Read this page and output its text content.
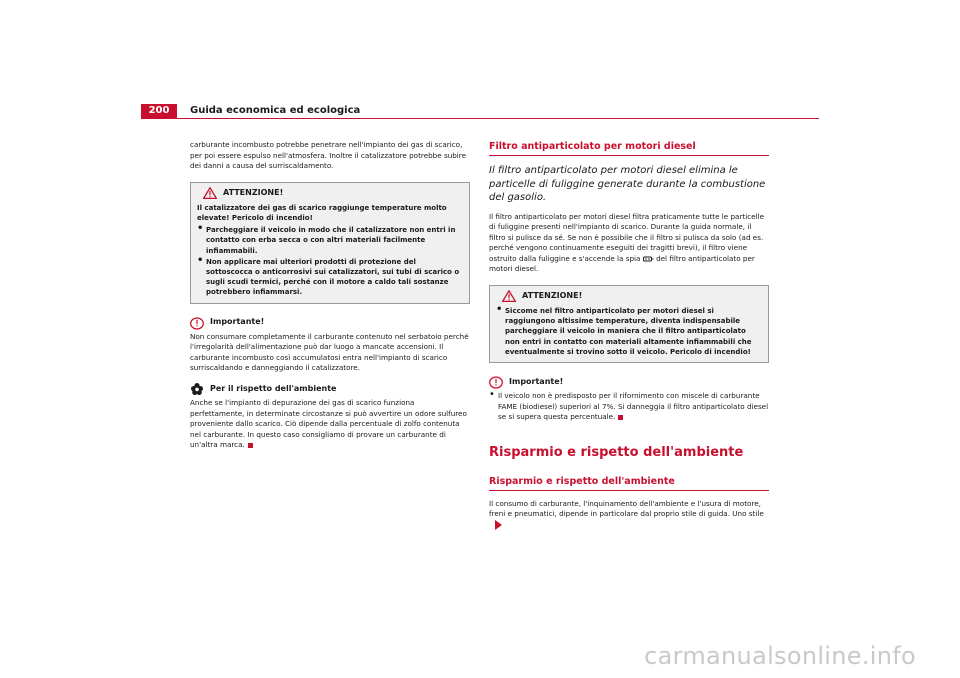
200	Guida economica ed ecologica

carburante incombusto potrebbe penetrare nell'impianto dei gas di scarico, per poi essere espulso nell'atmosfera. Inoltre il catalizzatore potrebbe subire dei danni a causa del surriscaldamento.

ATTENZIONE!
Il catalizzatore dei gas di scarico raggiunge temperature molto elevate! Pericolo di incendio!
• Parcheggiare il veicolo in modo che il catalizzatore non entri in contatto con erba secca o con altri materiali facilmente infiammabili.
• Non applicare mai ulteriori prodotti di protezione del sottoscocca o anticorrosivi sui catalizzatori, sui tubi di scarico o sugli scudi termici, perché con il motore a caldo tali sostanze potrebbero infiammarsi.
Importante!

Non consumare completamente il carburante contenuto nel serbatoio perché l'irregolarità dell'alimentazione può dar luogo a mancate accensioni. Il carburante incombusto così accumulatosi entra nell'impianto di scarico surriscaldando e danneggiando il catalizzatore.

Per il rispetto dell'ambiente

Anche se l'impianto di depurazione dei gas di scarico funziona perfettamente, in determinate circostanze si può avvertire un odore sulfureo proveniente dallo scarico. Ciò dipende dalla percentuale di zolfo contenuta nel carburante. In questo caso consigliamo di provare un carburante di un'altra marca.

Filtro antiparticolato per motori diesel
Il filtro antiparticolato per motori diesel elimina le particelle di fuliggine generate durante la combustione del gasolio.

Il filtro antiparticolato per motori diesel filtra praticamente tutte le particelle di fuliggine presenti nell'impianto di scarico. Durante la guida normale, il filtro si pulisce da sé. Se non è possibile che il filtro si pulisca da solo (ad es. perché vengono continuamente eseguiti dei tragitti brevi), il filtro viene ostruito dalla fuliggine e s'accende la spia del filtro antiparticolato per motori diesel.

ATTENZIONE!
• Siccome nel filtro antiparticolato per motori diesel si raggiungono altissime temperature, diventa indispensabile parcheggiare il veicolo in maniera che il filtro antiparticolato non entri in contatto con materiali altamente infiammabili che eventualmente si trovino sotto il veicolo. Pericolo di incendio!
Importante!
• Il veicolo non è predisposto per il rifornimento con miscele di carburante FAME (biodiesel) superiori al 7%. Si danneggia il filtro antiparticolato diesel se si supera questa percentuale.
Risparmio e rispetto dell'ambiente
Risparmio e rispetto dell'ambiente

Il consumo di carburante, l'inquinamento dell'ambiente e l'usura di motore, freni e pneumatici, dipende in particolare dal proprio stile di guida. Uno stile

carmanualsonline.info
